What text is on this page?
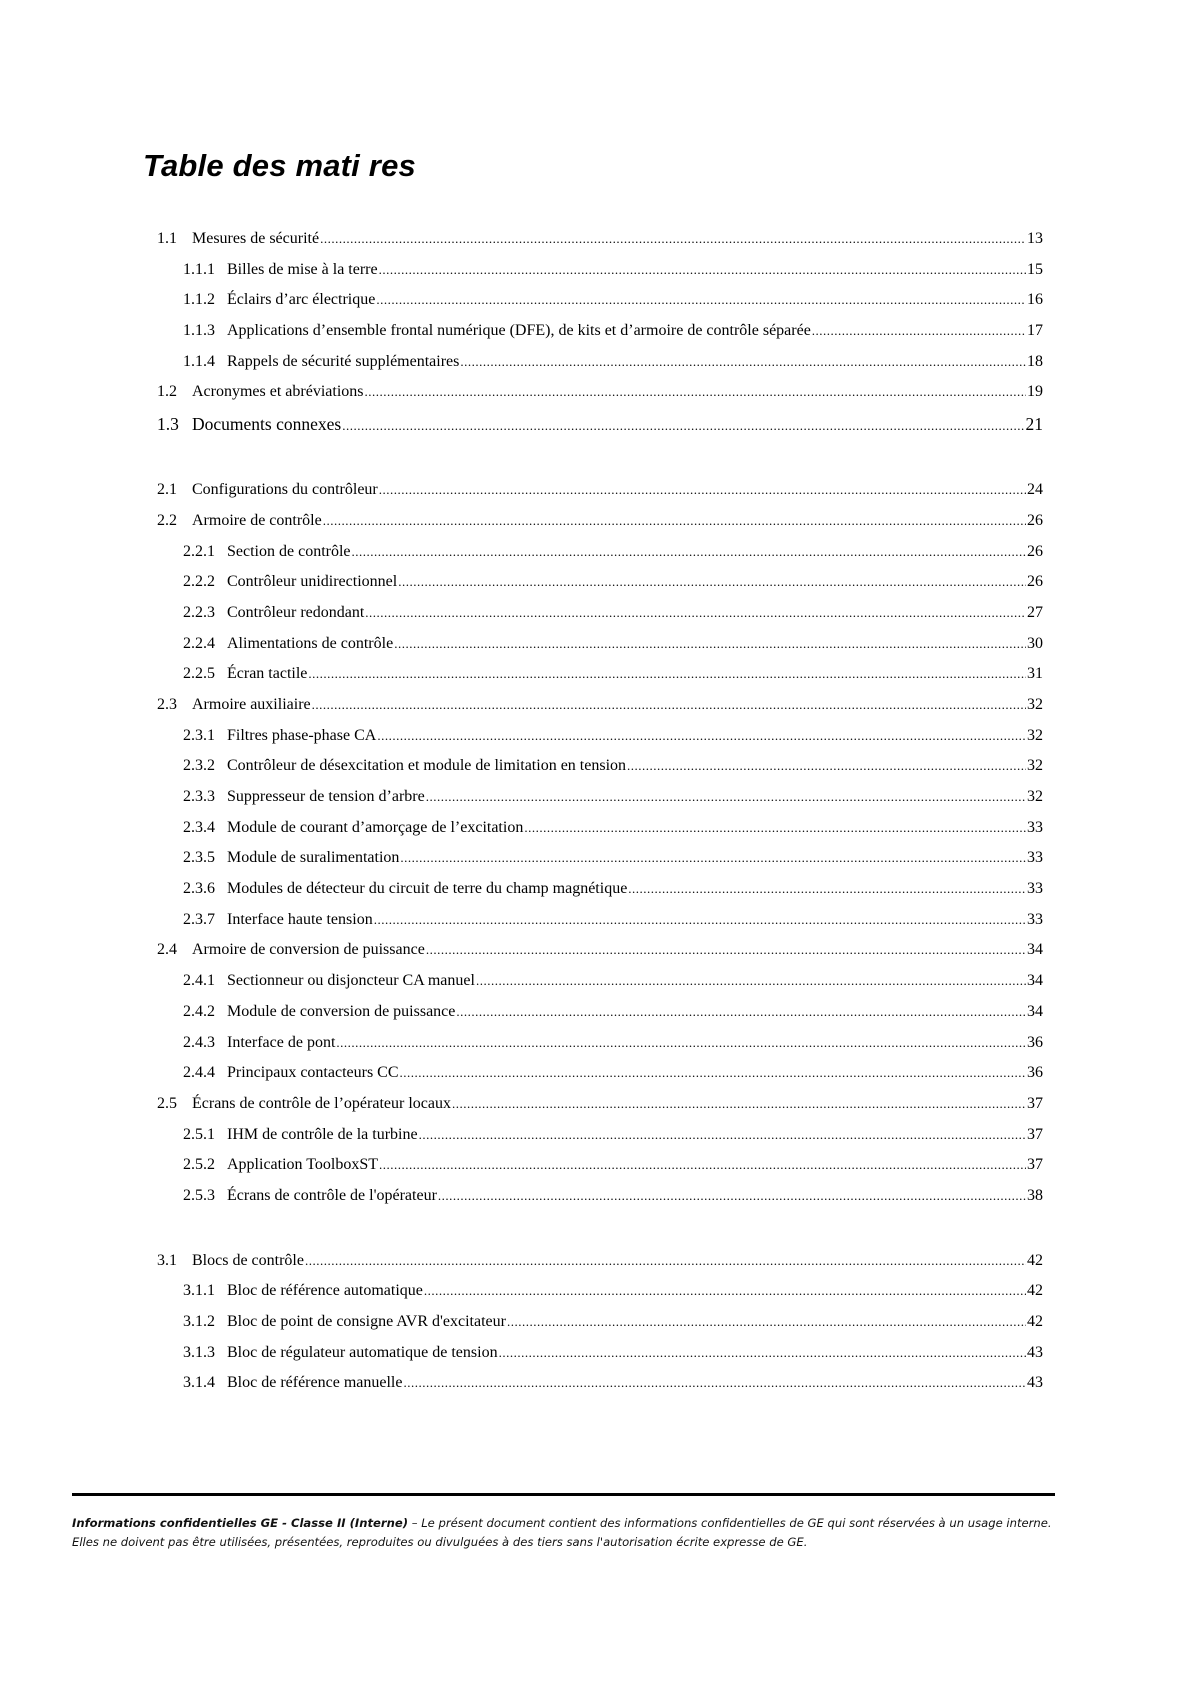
Table des mati res
1.1 Mesures de sécurité .....	13
1.1.1 Billes de mise à la terre .....	15
1.1.2 Éclairs d’arc électrique .....	16
1.1.3 Applications d’ensemble frontal numérique (DFE), de kits et d’armoire de contrôle séparée .....	17
1.1.4 Rappels de sécurité supplémentaires .....	18
1.2 Acronymes et abréviations .....	19
1.3 Documents connexes .....	21
2.1 Configurations du contrôleur .....	24
2.2 Armoire de contrôle .....	26
2.2.1 Section de contrôle .....	26
2.2.2 Contrôleur unidirectionnel .....	26
2.2.3 Contrôleur redondant .....	27
2.2.4 Alimentations de contrôle .....	30
2.2.5 Écran tactile .....	31
2.3 Armoire auxiliaire .....	32
2.3.1 Filtres phase-phase CA .....	32
2.3.2 Contrôleur de désexcitation et module de limitation en tension .....	32
2.3.3 Suppresseur de tension d’arbre .....	32
2.3.4 Module de courant d’amorçage de l’excitation .....	33
2.3.5 Module de suralimentation .....	33
2.3.6 Modules de détecteur du circuit de terre du champ magnétique .....	33
2.3.7 Interface haute tension .....	33
2.4 Armoire de conversion de puissance .....	34
2.4.1 Sectionneur ou disjoncteur CA manuel .....	34
2.4.2 Module de conversion de puissance .....	34
2.4.3 Interface de pont .....	36
2.4.4 Principaux contacteurs CC .....	36
2.5 Écrans de contrôle de l’opérateur locaux .....	37
2.5.1 IHM de contrôle de la turbine .....	37
2.5.2 Application ToolboxST .....	37
2.5.3 Écrans de contrôle de l'opérateur .....	38
3.1 Blocs de contrôle .....	42
3.1.1 Bloc de référence automatique .....	42
3.1.2 Bloc de point de consigne AVR d'excitateur .....	42
3.1.3 Bloc de régulateur automatique de tension .....	43
3.1.4 Bloc de référence manuelle .....	43
Informations confidentielles GE - Classe II (Interne) – Le présent document contient des informations confidentielles de GE qui sont réservées à un usage interne. Elles ne doivent pas être utilisées, présentées, reproduites ou divulguées à des tiers sans l'autorisation écrite expresse de GE.
